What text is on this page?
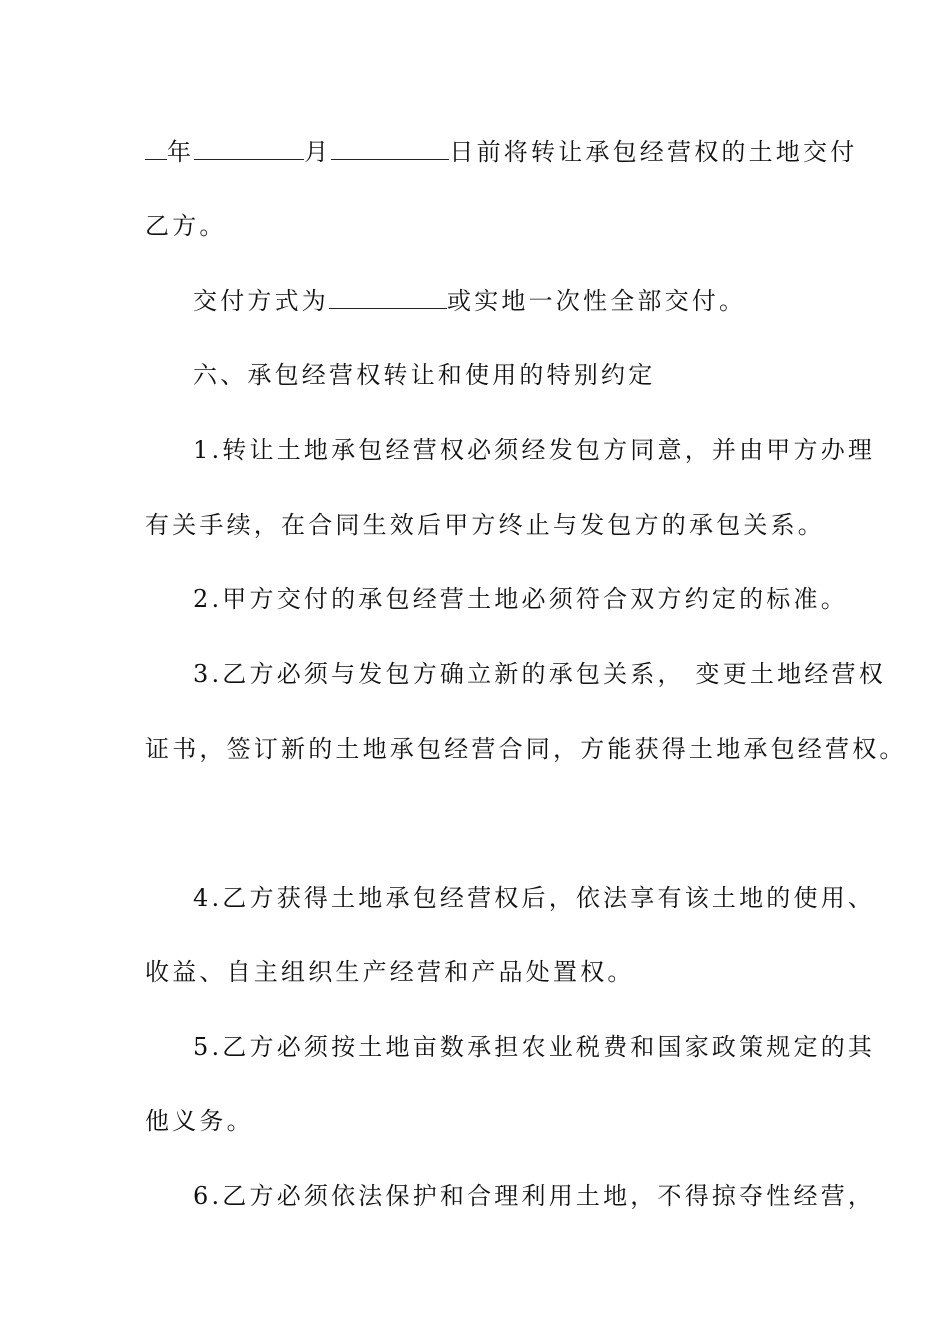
年	月	日前将转让承包经营权的土地交付
乙方。
交付方式为	或实地一次性全部交付。
六、承包经营权转让和使用的特别约定
1.转让土地承包经营权必须经发包方同意，并由甲方办理
有关手续，在合同生效后甲方终止与发包方的承包关系。
2.甲方交付的承包经营土地必须符合双方约定的标准。
3.乙方必须与发包方确立新的承包关系， 变更土地经营权
证书，签订新的土地承包经营合同，方能获得土地承包经营权。
4.乙方获得土地承包经营权后，依法享有该土地的使用、
收益、自主组织生产经营和产品处置权。
5.乙方必须按土地亩数承担农业税费和国家政策规定的其
他义务。
6.乙方必须依法保护和合理利用土地，不得掠夺性经营，
